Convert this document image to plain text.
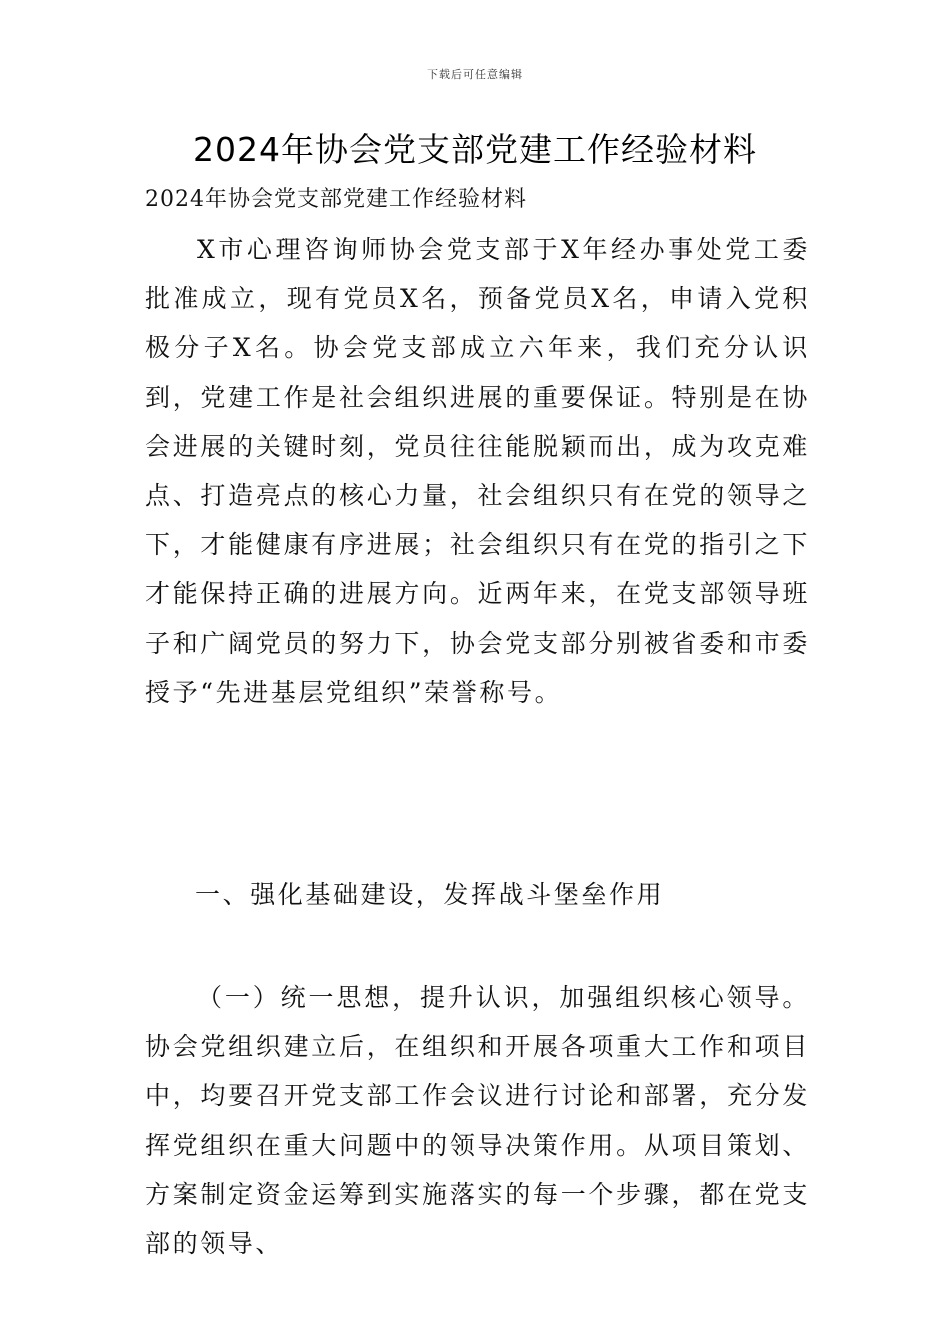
下载后可任意编辑
2024年协会党支部党建工作经验材料
2024年协会党支部党建工作经验材料

X市心理咨询师协会党支部于X年经办事处党工委批准成立，现有党员X名，预备党员X名，申请入党积极分子X名。协会党支部成立六年来，我们充分认识到，党建工作是社会组织进展的重要保证。特别是在协会进展的关键时刻，党员往往能脱颖而出，成为攻克难点、打造亮点的核心力量，社会组织只有在党的领导之下，才能健康有序进展；社会组织只有在党的指引之下才能保持正确的进展方向。近两年来，在党支部领导班子和广阔党员的努力下，协会党支部分别被省委和市委授予“先进基层党组织”荣誉称号。

一、强化基础建设，发挥战斗堡垒作用

（一）统一思想，提升认识，加强组织核心领导。协会党组织建立后，在组织和开展各项重大工作和项目中，均要召开党支部工作会议进行讨论和部署，充分发挥党组织在重大问题中的领导决策作用。从项目策划、方案制定资金运筹到实施落实的每一个步骤，都在党支部的领导、
